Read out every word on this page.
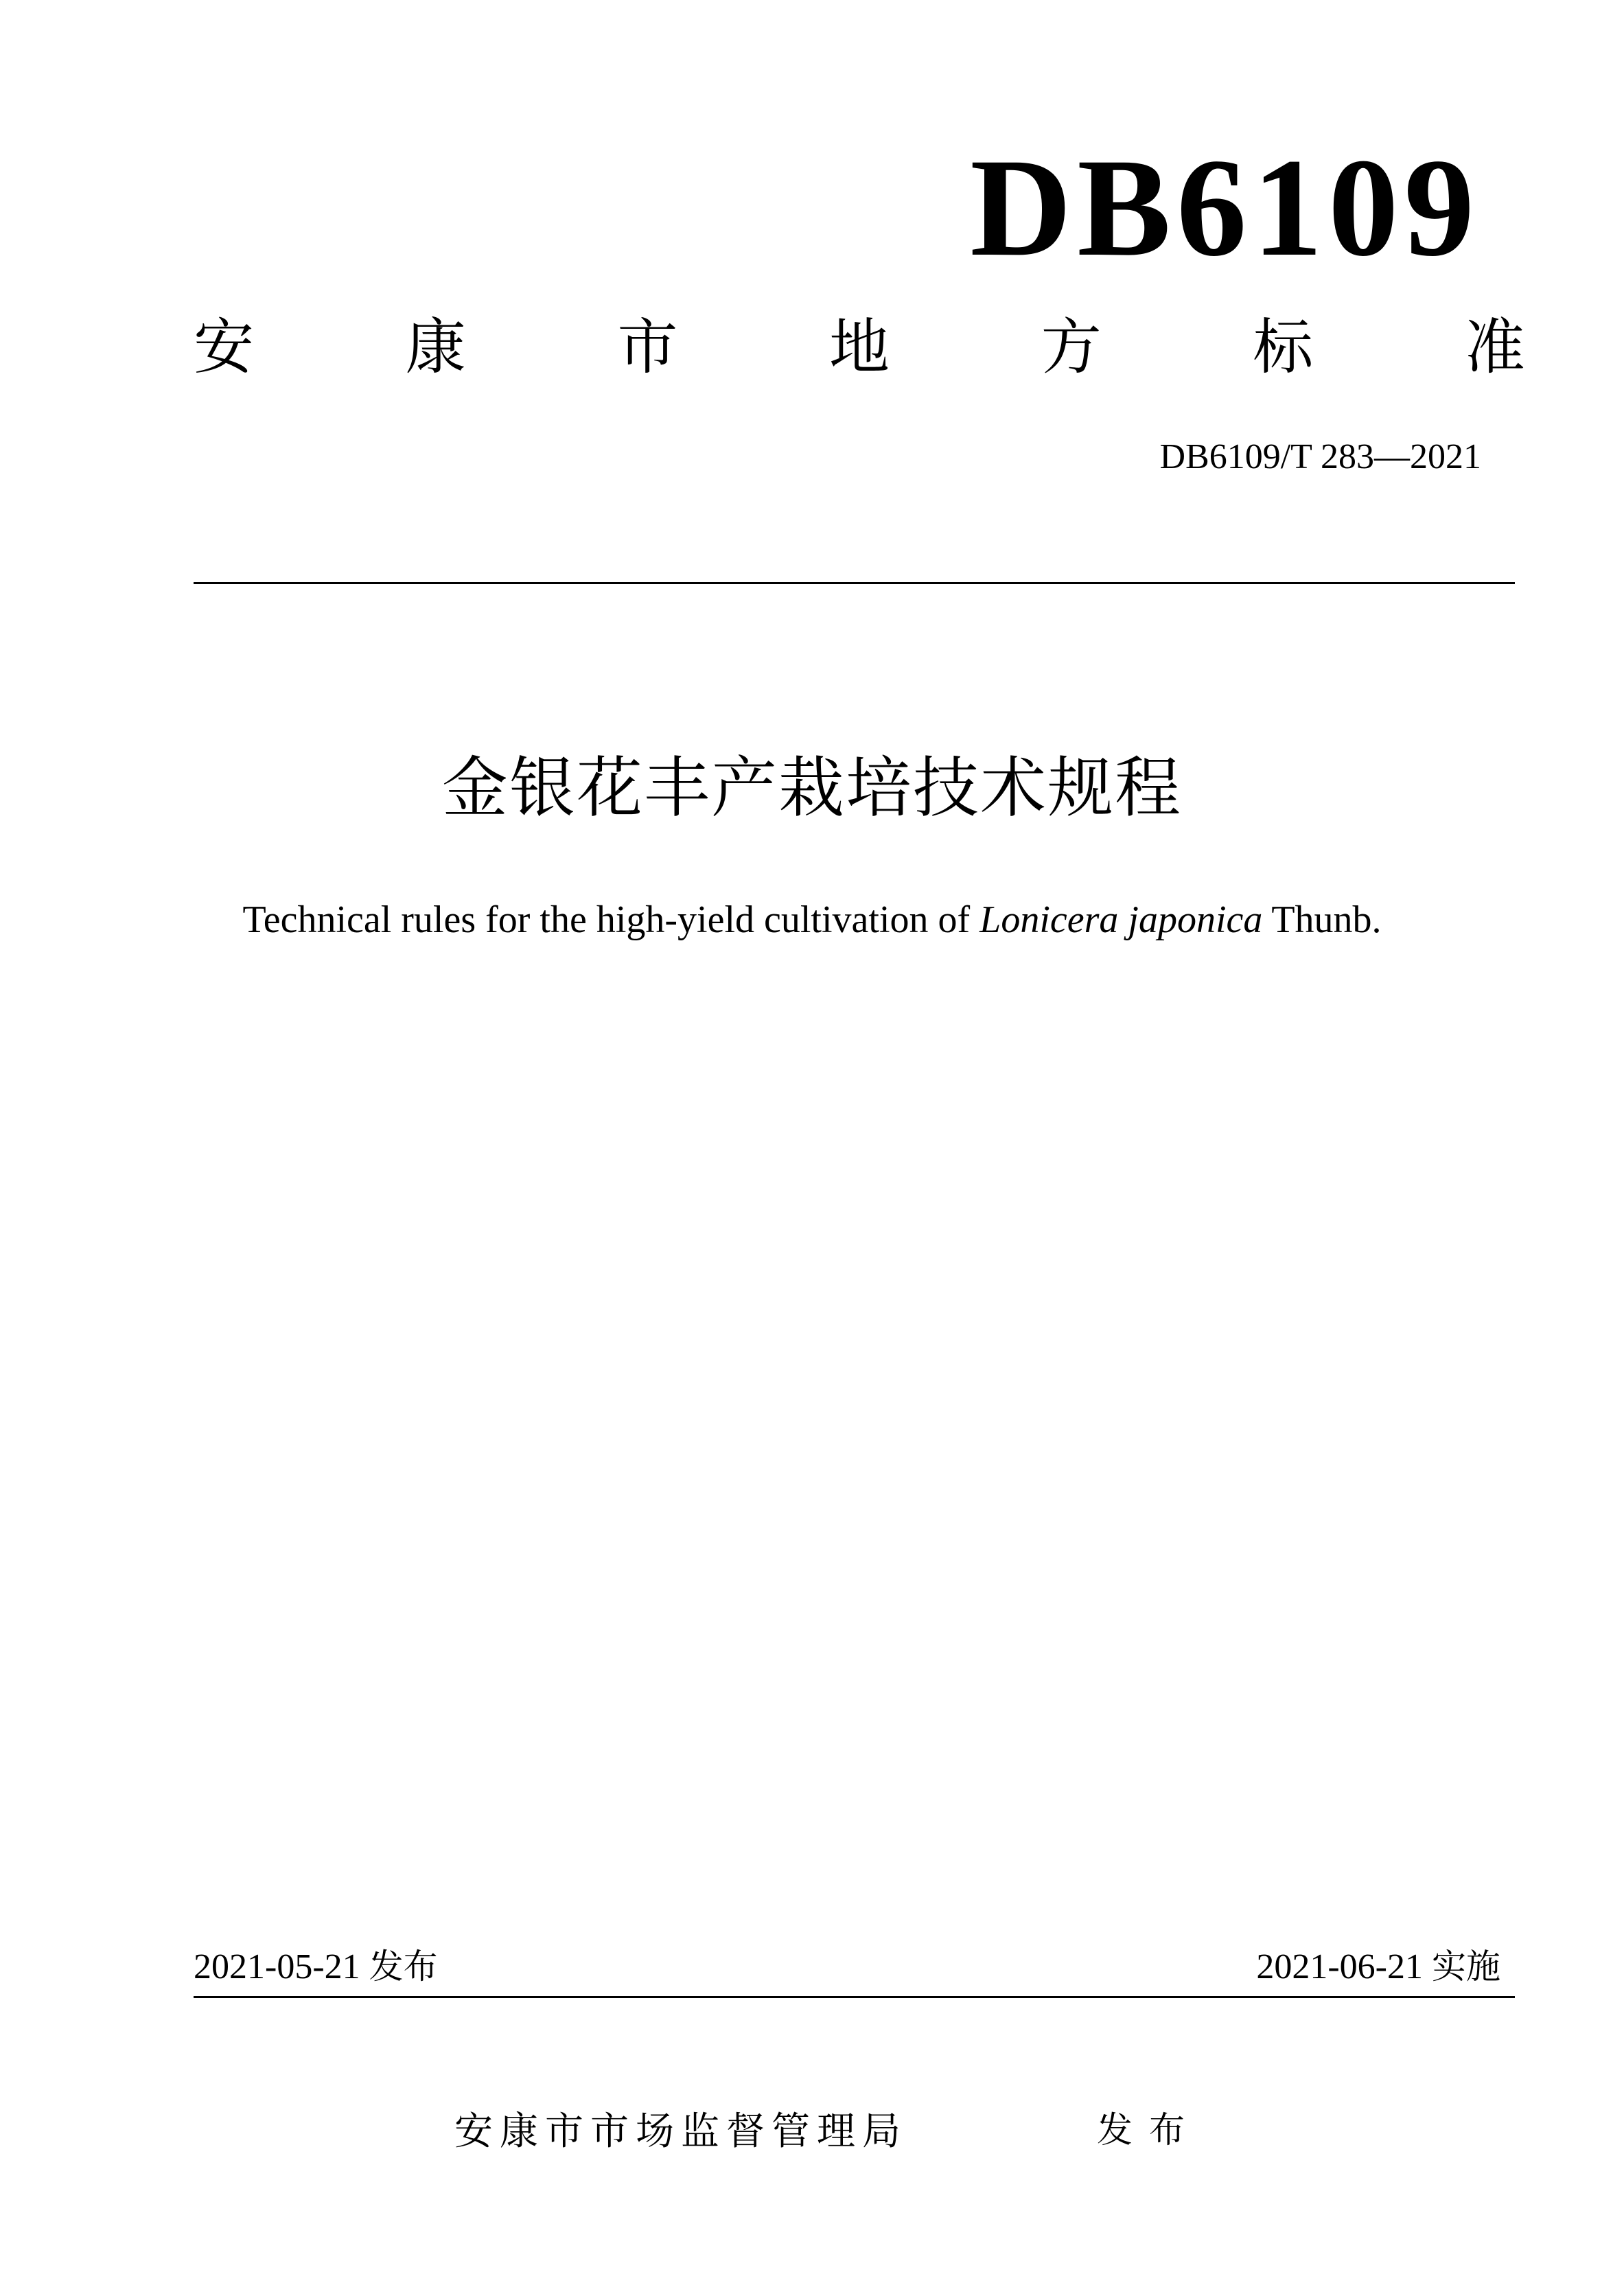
DB6109
安	康	市	地	方	标	准
DB6109/T 283—2021
金银花丰产栽培技术规程
Technical rules for the high-yield cultivation of Lonicera japonica Thunb.
2021-05-21 发布	2021-06-21 实施
安康市市场监督管理局	发布
